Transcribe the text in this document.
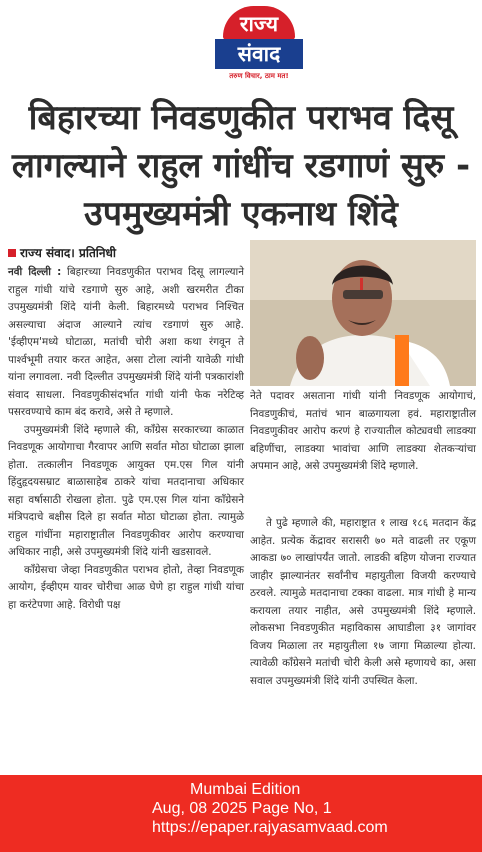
राज्य
संवाद
तरुण विचार, ठाम मत!
बिहारच्या निवडणुकीत पराभव दिसू लागल्याने राहुल गांधींच रडगाणं सुरु - उपमुख्यमंत्री एकनाथ शिंदे
राज्य संवाद। प्रतिनिधी

नवी दिल्ली : बिहारच्या निवडणुकीत पराभव दिसू लागल्याने राहुल गांधी यांचे रडगाणे सुरु आहे, अशी खरमरीत टीका उपमुख्यमंत्री शिंदे यांनी केली. बिहारमध्ये पराभव निश्चित असल्याचा अंदाज आल्याने त्यांच रडगाणं सुरु आहे. 'ईव्हीएम'मध्ये घोटाळा, मतांची चोरी अशा कथा रंगवून ते पार्श्वभूमी तयार करत आहेत, असा टोला त्यांनी यावेळी गांधी यांना लगावला. नवी दिल्लीत उपमुख्यमंत्री शिंदे यांनी पत्रकारांशी संवाद साधला. निवडणुकीसंदर्भात गांधी यांनी फेक नरेटिव्ह पसरवण्याचे काम बंद करावे, असे ते म्हणाले.

उपमुख्यमंत्री शिंदे म्हणाले की, काँग्रेस सरकारच्या काळात निवडणूक आयोगाचा गैरवापर आणि सर्वात मोठा घोटाळा झाला होता. तत्कालीन निवडणूक आयुक्त एम.एस गिल यांनी हिंदुहृदयसम्राट बाळासाहेब ठाकरे यांचा मतदानाचा अधिकार सहा वर्षासाठी रोखला होता. पुढे एम.एस गिल यांना काँग्रेसने मंत्रिपदाचे बक्षीस दिले हा सर्वात मोठा घोटाळा होता. त्यामुळे राहुल गांधींना महाराष्ट्रातील निवडणुकीवर आरोप करण्याचा अधिकार नाही, असे उपमुख्यमंत्री शिंदे यांनी खडसावले.

काँग्रेसचा जेव्हा निवडणुकीत पराभव होतो, तेव्हा निवडणूक आयोग, ईव्हीएम यावर चोरीचा आळ घेणे हा राहुल गांधी यांचा हा करंटेपणा आहे. विरोधी पक्ष

नेते पदावर असताना गांधी यांनी निवडणूक आयोगाचं, निवडणुकीचं, मतांचं भान बाळगायला हवं. महाराष्ट्रातील निवडणुकीवर आरोप करणं हे राज्यातील कोट्यवधी लाडक्या बहिणींचा, लाडक्या भावांचा आणि लाडक्या शेतकऱ्यांचा अपमान आहे, असे उपमुख्यमंत्री शिंदे म्हणाले.

ते पुढे म्हणाले की, महाराष्ट्रात १ लाख १८६ मतदान केंद्र आहेत. प्रत्येक केंद्रावर सरासरी ७० मते वाढली तर एकूण आकडा ७० लाखांपर्यंत जातो. लाडकी बहिण योजना राज्यात जाहीर झाल्यानंतर सर्वांनीच महायुतीला विजयी करण्याचे ठरवले. त्यामुळे मतदानाचा टक्का वाढला. मात्र गांधी हे मान्य करायला तयार नाहीत, असे उपमुख्यमंत्री शिंदे म्हणाले. लोकसभा निवडणुकीत महाविकास आघाडीला ३१ जागांवर विजय मिळाला तर महायुतीला १७ जागा मिळाल्या होत्या. त्यावेळी काँग्रेसने मतांची चोरी केली असे म्हणायचे का, असा सवाल उपमुख्यमंत्री शिंदे यांनी उपस्थित केला.

Mumbai Edition
Aug, 08 2025 Page No, 1
https://epaper.rajyasamvaad.com
